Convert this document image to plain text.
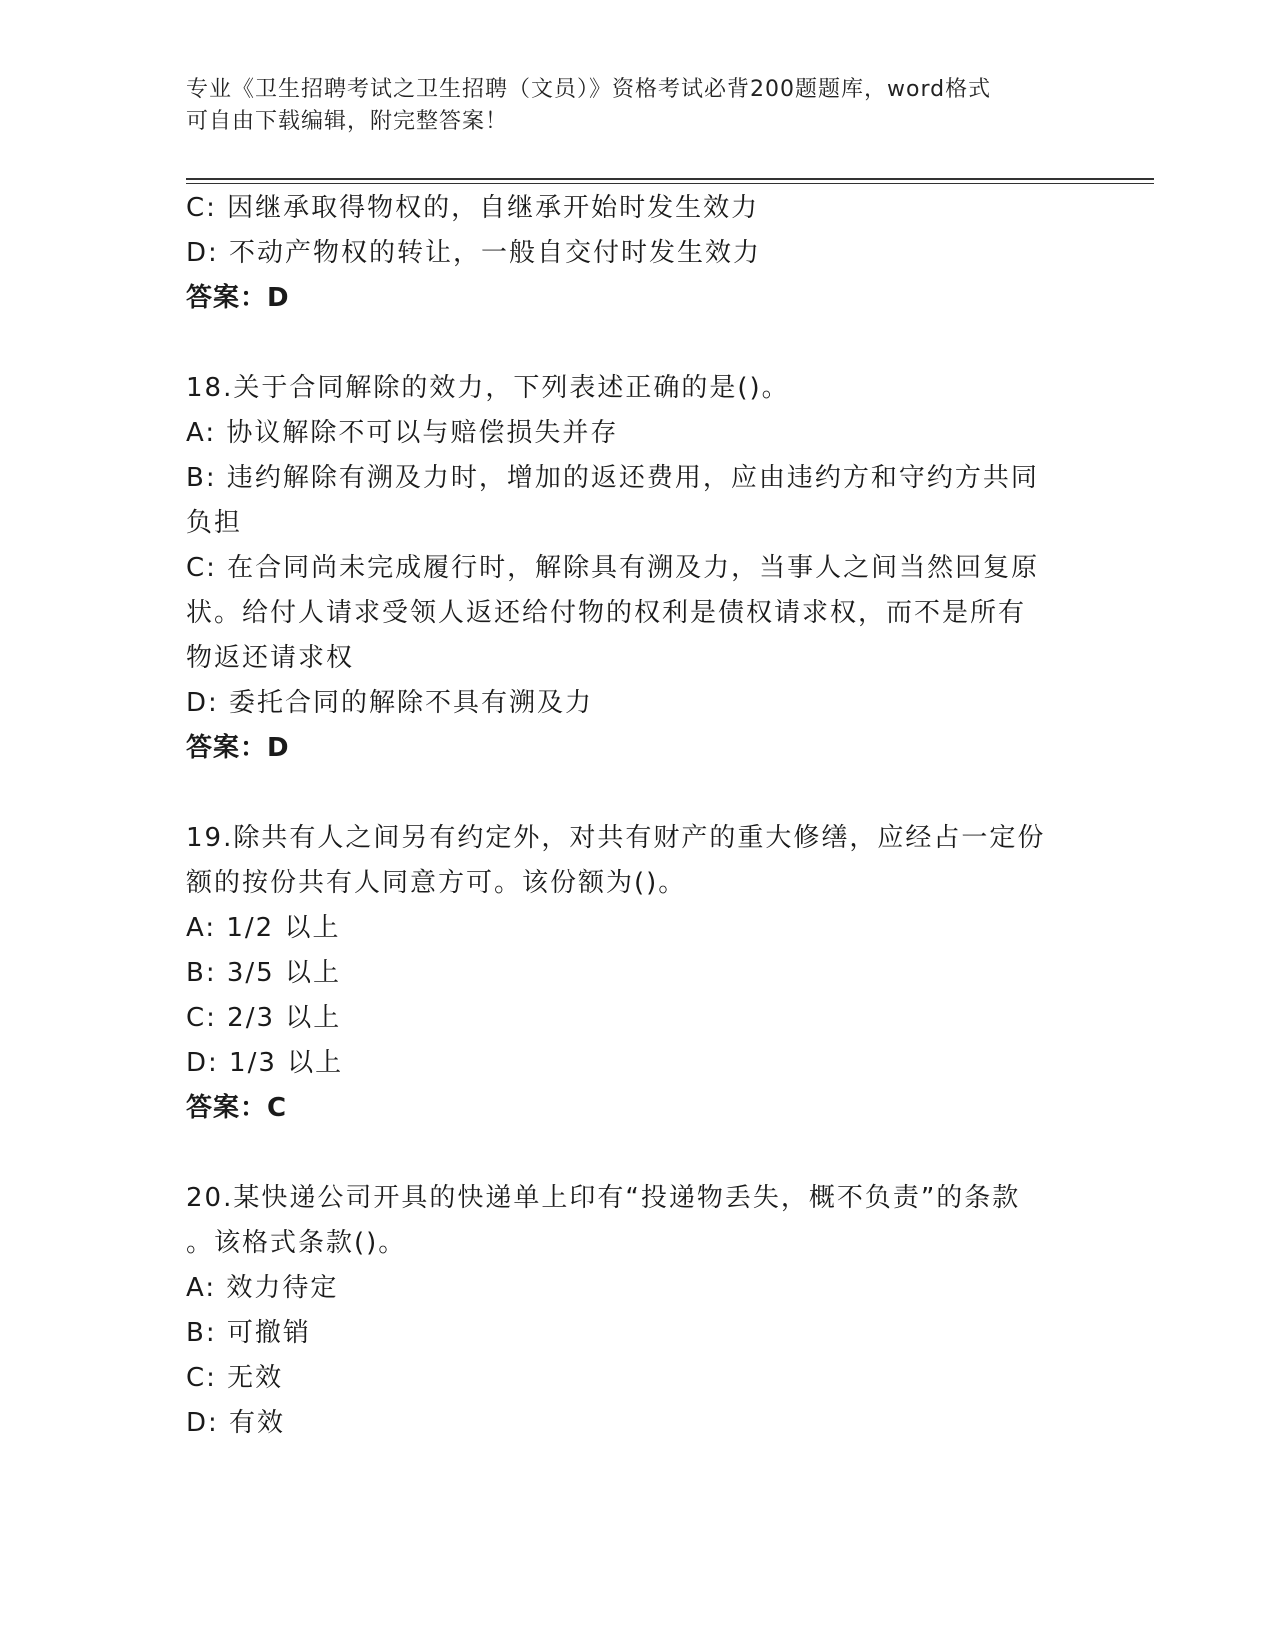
专业《卫生招聘考试之卫生招聘（文员）》资格考试必背200题题库，word格式
可自由下载编辑，附完整答案！

C: 因继承取得物权的，自继承开始时发生效力

D: 不动产物权的转让，一般自交付时发生效力

答案：D

18.关于合同解除的效力，下列表述正确的是()。

A: 协议解除不可以与赔偿损失并存

B: 违约解除有溯及力时，增加的返还费用，应由违约方和守约方共同

负担

C: 在合同尚未完成履行时，解除具有溯及力，当事人之间当然回复原

状。给付人请求受领人返还给付物的权利是债权请求权，而不是所有

物返还请求权

D: 委托合同的解除不具有溯及力

答案：D

19.除共有人之间另有约定外，对共有财产的重大修缮，应经占一定份

额的按份共有人同意方可。该份额为()。

A: 1/2 以上

B: 3/5 以上

C: 2/3 以上

D: 1/3 以上

答案：C

20.某快递公司开具的快递单上印有“投递物丢失，概不负责”的条款

。该格式条款()。

A: 效力待定

B: 可撤销

C: 无效

D: 有效
